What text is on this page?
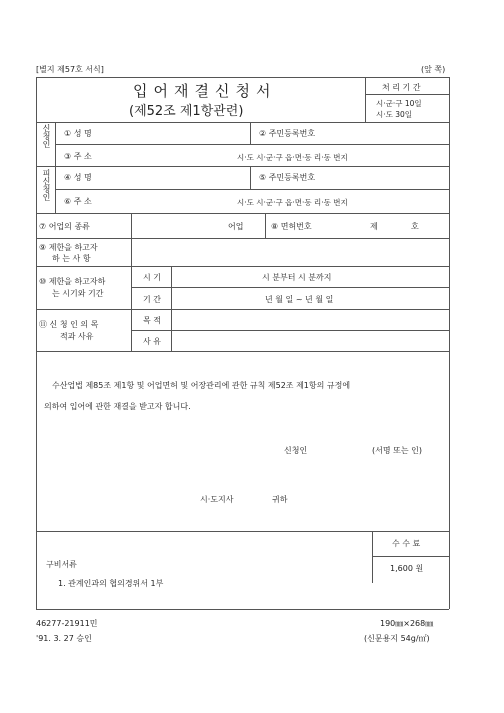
[별지 제57호 서식]	(앞 쪽)
입어재결신청서
(제52조 제1항관련)
처 리 기 간
시·군·구 10일
시·도 30일
신청인 ① 성 명	② 주민등록번호
③ 주 소	시·도 시·군·구 읍·면·동 리·동 번지
피신청인 ④ 성 명	⑤ 주민등록번호
⑥ 주 소	시·도 시·군·구 읍·면·동 리·동 번지
⑦ 어업의 종류	어업	⑧ 면허번호	제	호
⑨ 제한을 하고자
하 는 사 항
⑩ 제한을 하고자하
는 시기와 기간
시 기	시 분부터 시 분까지
기 간	년 월 일 ~ 년 월 일
⑪ 신 청 인 의 목
적과 사유
목 적
사 유
수산업법 제85조 제1항 및 어업면허 및 어장관리에 관한 규칙 제52조 제1항의 규정에
의하여 입어에 관한 재결을 받고자 합니다.
신청인	(서명 또는 인)
시·도지사	귀하
구비서류
1. 관계인과의 협의경위서 1부
수 수 료
1,600 원
46277-21911민
'91. 3. 27 승인
190㎜×268㎜
(신문용지 54g/㎡)
